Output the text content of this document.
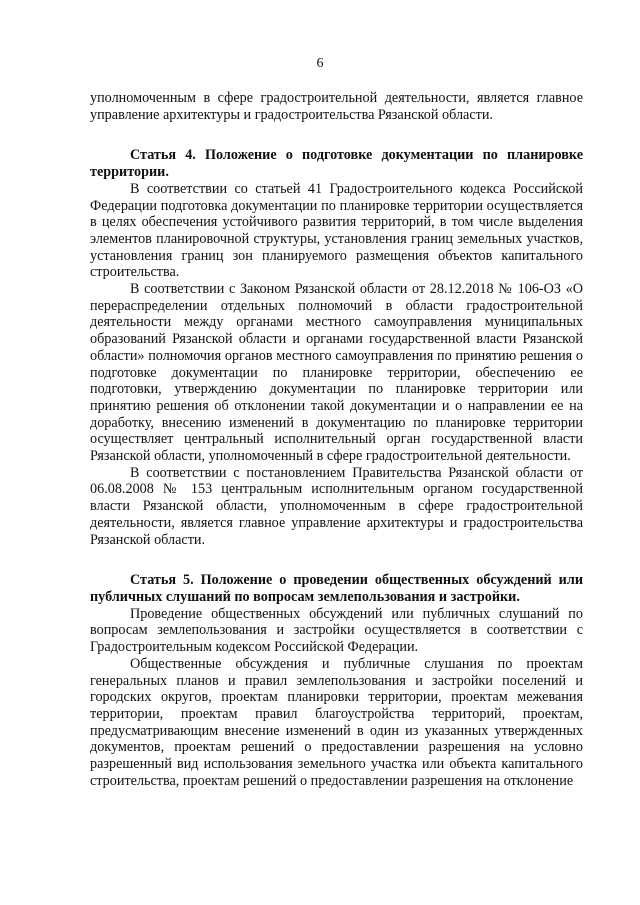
6

уполномоченным в сфере градостроительной деятельности, является главное управление архитектуры и градостроительства Рязанской области.

Статья 4. Положение о подготовке документации по планировке территории.

В соответствии со статьей 41 Градостроительного кодекса Российской Федерации подготовка документации по планировке территории осуществляется в целях обеспечения устойчивого развития территорий, в том числе выделения элементов планировочной структуры, установления границ земельных участков, установления границ зон планируемого размещения объектов капитального строительства.

В соответствии с Законом Рязанской области от 28.12.2018 № 106-ОЗ «О перераспределении отдельных полномочий в области градостроительной деятельности между органами местного самоуправления муниципальных образований Рязанской области и органами государственной власти Рязанской области» полномочия органов местного самоуправления по принятию решения о подготовке документации по планировке территории, обеспечению ее подготовки, утверждению документации по планировке территории или принятию решения об отклонении такой документации и о направлении ее на доработку, внесению изменений в документацию по планировке территории осуществляет центральный исполнительный орган государственной власти Рязанской области, уполномоченный в сфере градостроительной деятельности.

В соответствии с постановлением Правительства Рязанской области от 06.08.2008 № 153 центральным исполнительным органом государственной власти Рязанской области, уполномоченным в сфере градостроительной деятельности, является главное управление архитектуры и градостроительства Рязанской области.

Статья 5. Положение о проведении общественных обсуждений или публичных слушаний по вопросам землепользования и застройки.

Проведение общественных обсуждений или публичных слушаний по вопросам землепользования и застройки осуществляется в соответствии с Градостроительным кодексом Российской Федерации.

Общественные обсуждения и публичные слушания по проектам генеральных планов и правил землепользования и застройки поселений и городских округов, проектам планировки территории, проектам межевания территории, проектам правил благоустройства территорий, проектам, предусматривающим внесение изменений в один из указанных утвержденных документов, проектам решений о предоставлении разрешения на условно разрешенный вид использования земельного участка или объекта капитального строительства, проектам решений о предоставлении разрешения на отклонение
